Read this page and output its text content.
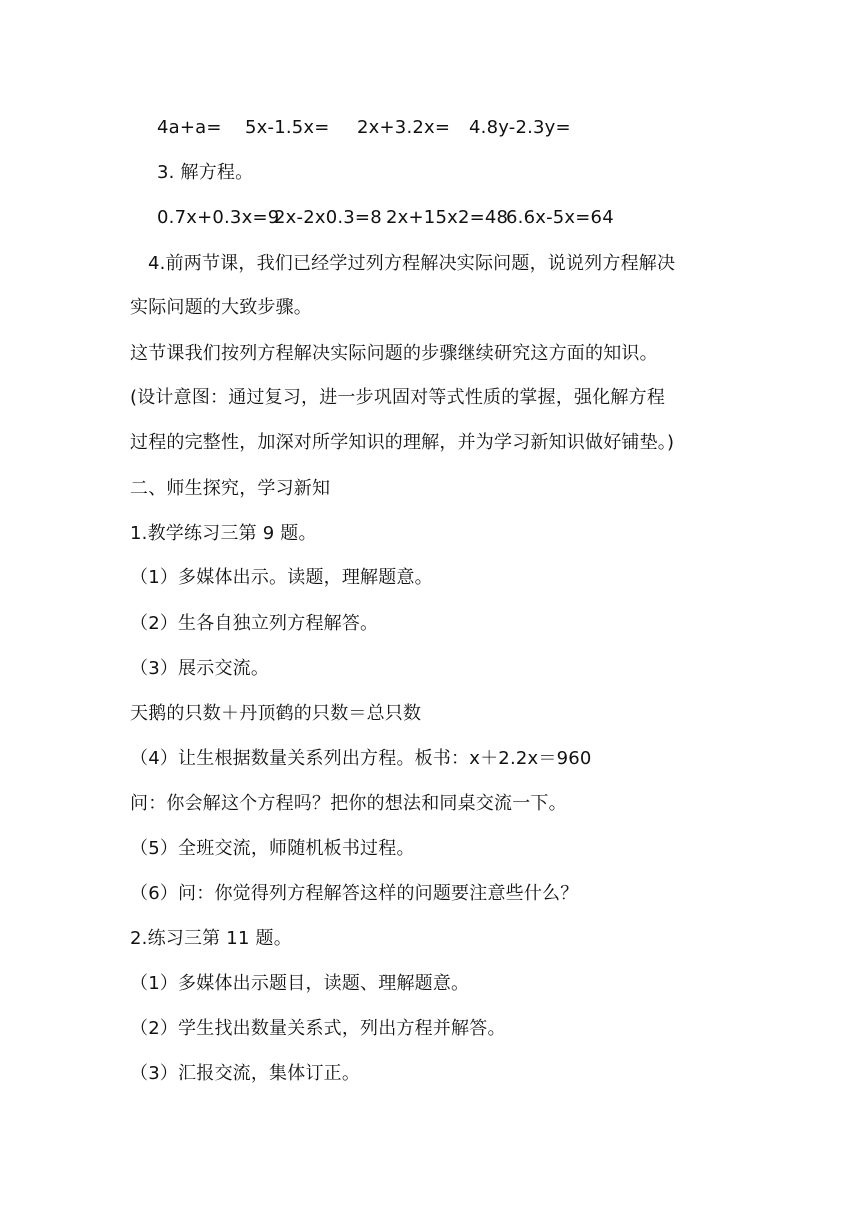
4a+a= 5x-1.5x= 2x+3.2x= 4.8y-2.3y=
3. 解方程。
0.7x+0.3x=9
2x-2x0.3=8 2x+15x2=48
6.6x-5x=64
4.前两节课，我们已经学过列方程解决实际问题，说说列方程解决
实际问题的大致步骤。
这节课我们按列方程解决实际问题的步骤继续研究这方面的知识。
(设计意图：通过复习，进一步巩固对等式性质的掌握，强化解方程
过程的完整性，加深对所学知识的理解，并为学习新知识做好铺垫。)
二、师生探究，学习新知
1.教学练习三第 9 题。
（1）多媒体出示。读题，理解题意。
（2）生各自独立列方程解答。
（3）展示交流。
天鹅的只数＋丹顶鹤的只数＝总只数
（4）让生根据数量关系列出方程。板书：x＋2.2x＝960
问：你会解这个方程吗？把你的想法和同桌交流一下。
（5）全班交流，师随机板书过程。
（6）问：你觉得列方程解答这样的问题要注意些什么？
2.练习三第 11 题。
（1）多媒体出示题目，读题、理解题意。
（2）学生找出数量关系式，列出方程并解答。
（3）汇报交流，集体订正。
